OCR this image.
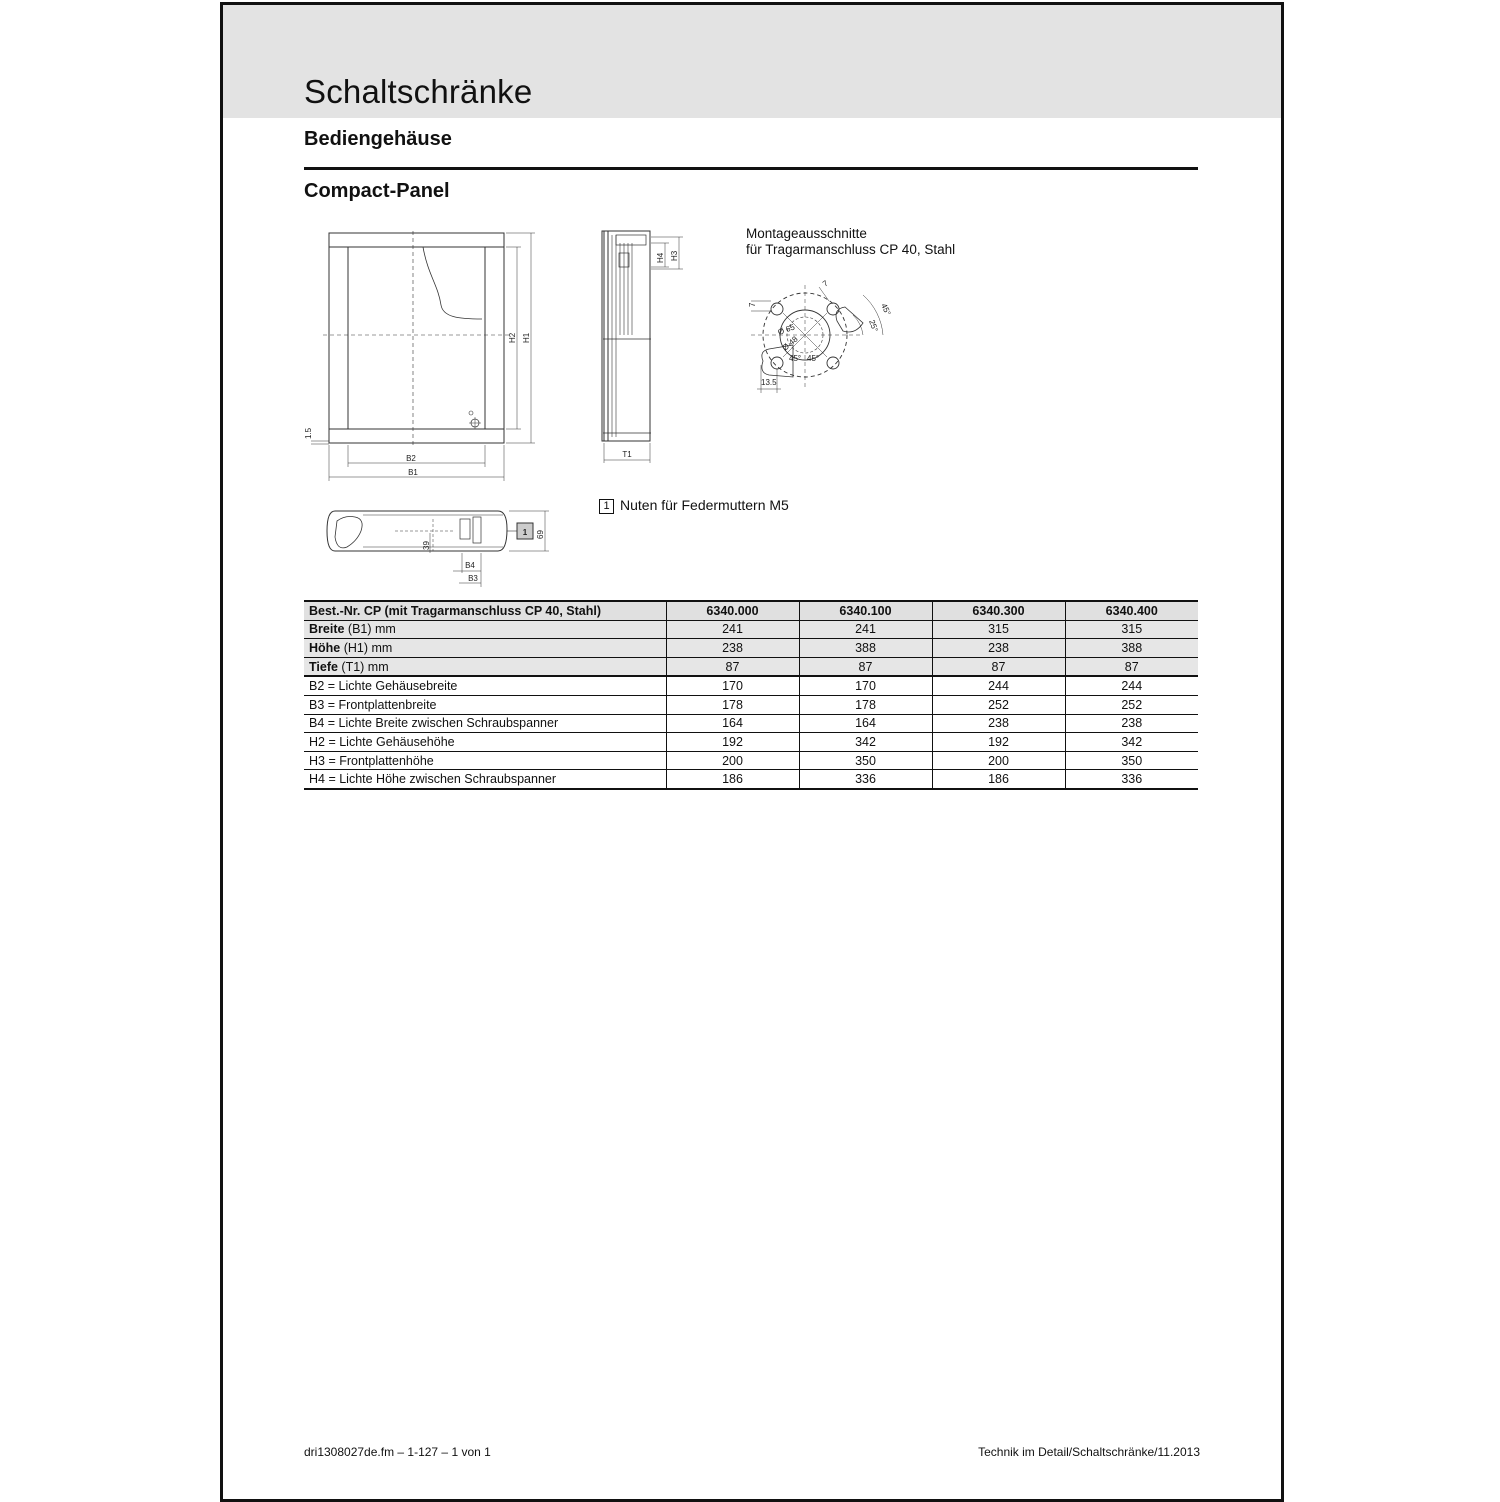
Schaltschränke
Bediengehäuse
Compact-Panel
B2
B1
H2 H1
1.5
T1
H4 H3
1
39
69
B4
B3
7
7
45°
25°
Ø 65
Ø 48
45° 45°
13.5
Montageausschnitte
für Tragarmanschluss CP 40, Stahl
1 Nuten für Federmuttern M5
Best.-Nr. CP (mit Tragarmanschluss CP 40, Stahl)	6340.000	6340.100	6340.300	6340.400
Breite (B1) mm	241	241	315	315
Höhe (H1) mm	238	388	238	388
Tiefe (T1) mm	87	87	87	87
B2 = Lichte Gehäusebreite	170	170	244	244
B3 = Frontplattenbreite	178	178	252	252
B4 = Lichte Breite zwischen Schraubspanner	164	164	238	238
H2 = Lichte Gehäusehöhe	192	342	192	342
H3 = Frontplattenhöhe	200	350	200	350
H4 = Lichte Höhe zwischen Schraubspanner	186	336	186	336
dri1308027de.fm – 1-127 – 1 von 1	Technik im Detail/Schaltschränke/11.2013
